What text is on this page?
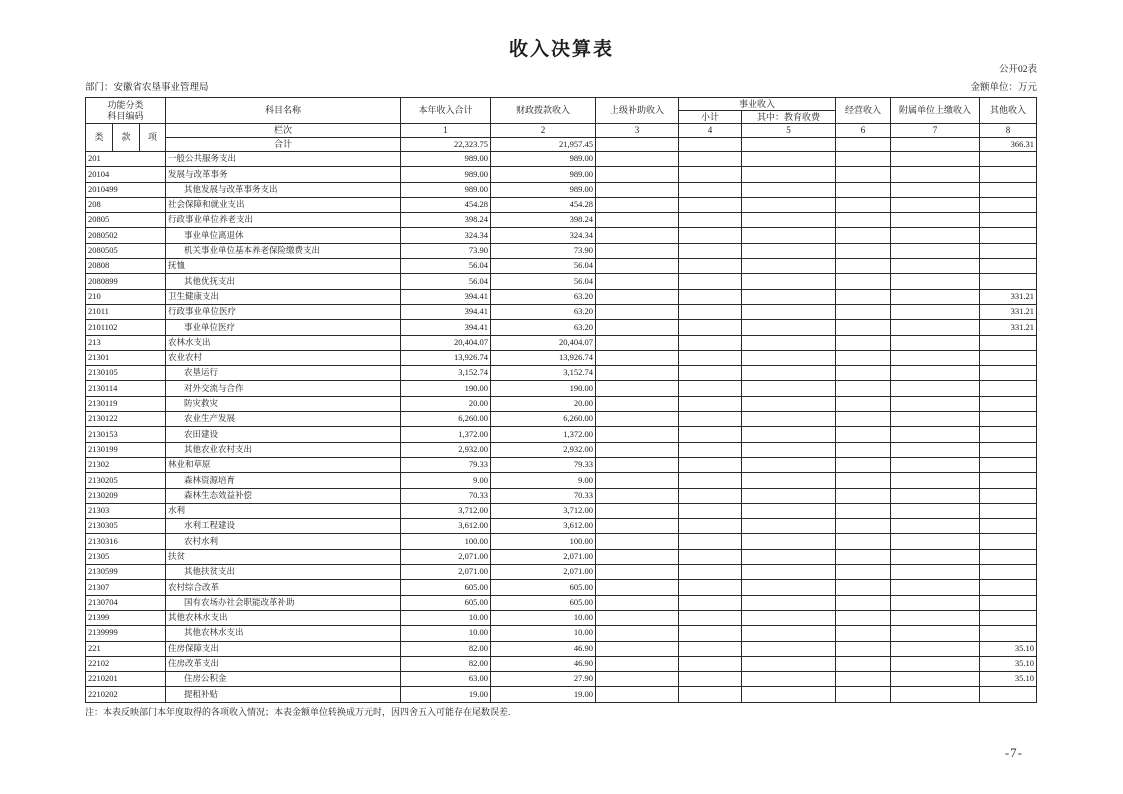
收入决算表
公开02表
部门：安徽省农垦事业管理局	金额单位：万元
功能分类
科目编码			科目名称	本年收入合计	财政拨款收入	上级补助收入	事业收入		经营收入	附属单位上缴收入	其他收入
							小计	其中：教育收费			
类	款	项	栏次	1	2	3	4	5	6	7	8
			合计	22,323.75	21,957.45						366.31
201			一般公共服务支出	989.00	989.00						
20104			发展与改革事务	989.00	989.00						
2010499			其他发展与改革事务支出	989.00	989.00						
208			社会保障和就业支出	454.28	454.28						
20805			行政事业单位养老支出	398.24	398.24						
2080502			事业单位离退休	324.34	324.34						
2080505			机关事业单位基本养老保险缴费支出	73.90	73.90						
20808			抚恤	56.04	56.04						
2080899			其他优抚支出	56.04	56.04						
210			卫生健康支出	394.41	63.20						331.21
21011			行政事业单位医疗	394.41	63.20						331.21
2101102			事业单位医疗	394.41	63.20						331.21
213			农林水支出	20,404.07	20,404.07						
21301			农业农村	13,926.74	13,926.74						
2130105			农垦运行	3,152.74	3,152.74						
2130114			对外交流与合作	190.00	190.00						
2130119			防灾救灾	20.00	20.00						
2130122			农业生产发展	6,260.00	6,260.00						
2130153			农田建设	1,372.00	1,372.00						
2130199			其他农业农村支出	2,932.00	2,932.00						
21302			林业和草原	79.33	79.33						
2130205			森林资源培育	9.00	9.00						
2130209			森林生态效益补偿	70.33	70.33						
21303			水利	3,712.00	3,712.00						
2130305			水利工程建设	3,612.00	3,612.00						
2130316			农村水利	100.00	100.00						
21305			扶贫	2,071.00	2,071.00						
2130599			其他扶贫支出	2,071.00	2,071.00						
21307			农村综合改革	605.00	605.00						
2130704			国有农场办社会职能改革补助	605.00	605.00						
21399			其他农林水支出	10.00	10.00						
2139999			其他农林水支出	10.00	10.00						
221			住房保障支出	82.00	46.90						35.10
22102			住房改革支出	82.00	46.90						35.10
2210201			住房公积金	63.00	27.90						35.10
2210202			提租补贴	19.00	19.00						
注：本表反映部门本年度取得的各项收入情况；本表金额单位转换成万元时，因四舍五入可能存在尾数误差.
-7-
